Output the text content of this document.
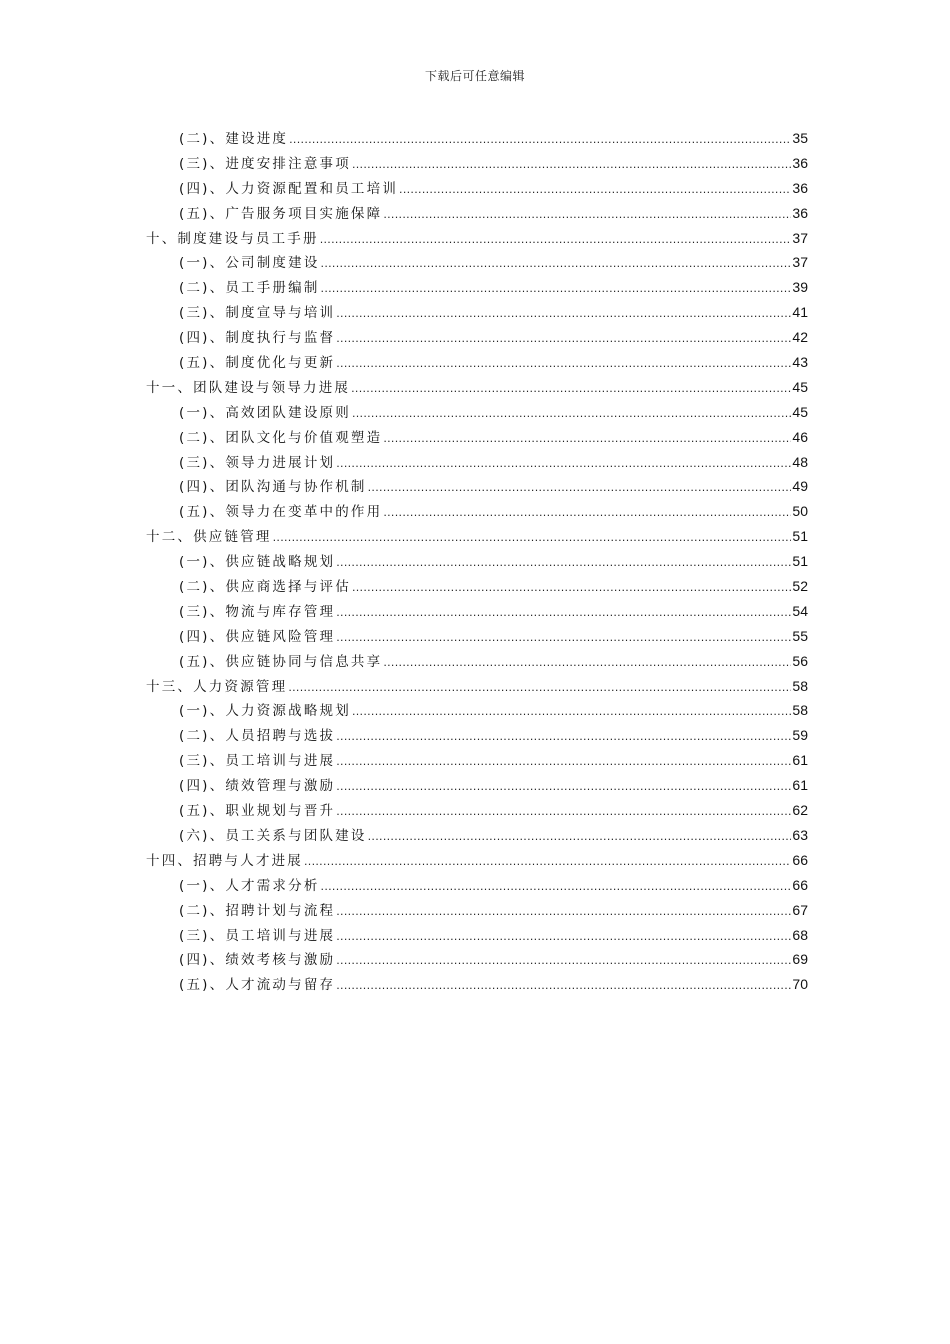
下载后可任意编辑
(二)、建设进度 .....	35
(三)、进度安排注意事项 .....	36
(四)、人力资源配置和员工培训 .....	36
(五)、广告服务项目实施保障 .....	36
十、制度建设与员工手册 .....	37
(一)、公司制度建设 .....	37
(二)、员工手册编制 .....	39
(三)、制度宣导与培训 .....	41
(四)、制度执行与监督 .....	42
(五)、制度优化与更新 .....	43
十一、团队建设与领导力进展 .....	45
(一)、高效团队建设原则 .....	45
(二)、团队文化与价值观塑造 .....	46
(三)、领导力进展计划 .....	48
(四)、团队沟通与协作机制 .....	49
(五)、领导力在变革中的作用 .....	50
十二、供应链管理 .....	51
(一)、供应链战略规划 .....	51
(二)、供应商选择与评估 .....	52
(三)、物流与库存管理 .....	54
(四)、供应链风险管理 .....	55
(五)、供应链协同与信息共享 .....	56
十三、人力资源管理 .....	58
(一)、人力资源战略规划 .....	58
(二)、人员招聘与选拔 .....	59
(三)、员工培训与进展 .....	61
(四)、绩效管理与激励 .....	61
(五)、职业规划与晋升 .....	62
(六)、员工关系与团队建设 .....	63
十四、招聘与人才进展 .....	66
(一)、人才需求分析 .....	66
(二)、招聘计划与流程 .....	67
(三)、员工培训与进展 .....	68
(四)、绩效考核与激励 .....	69
(五)、人才流动与留存 .....	70
